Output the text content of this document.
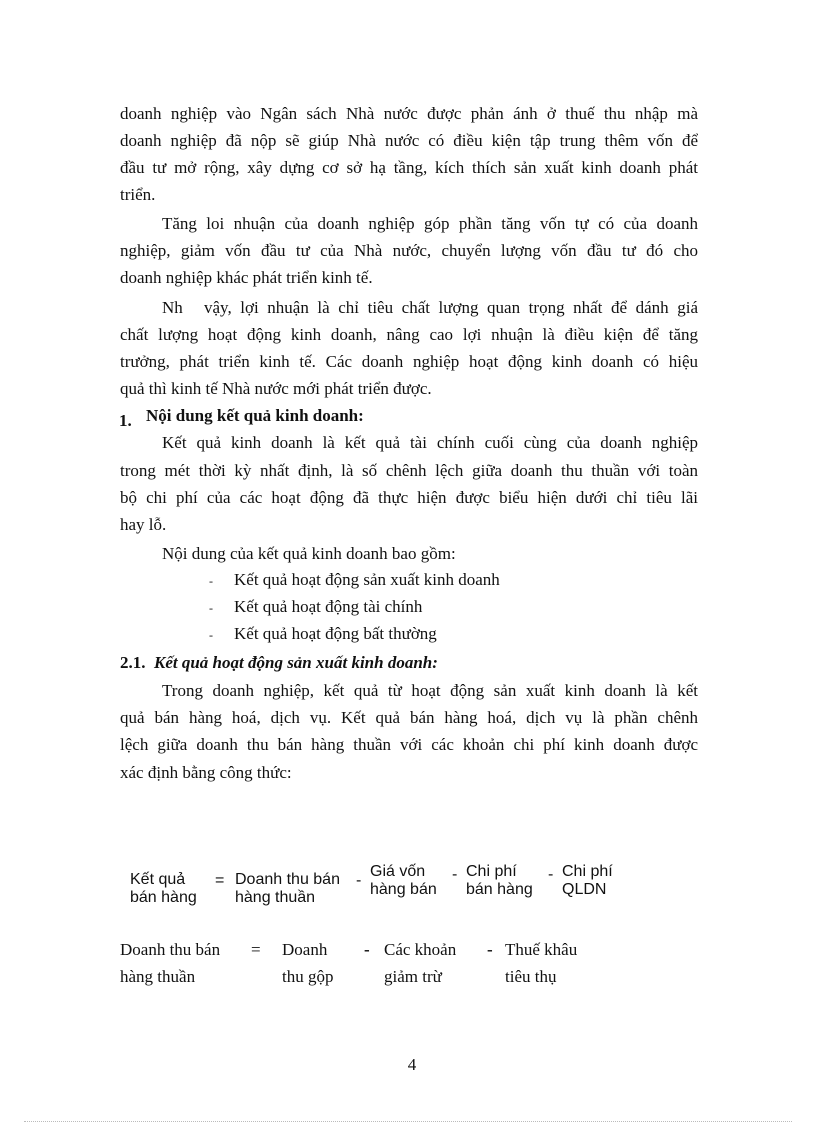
doanh nghiệp vào Ngân sách Nhà nước được phản ánh ở thuế thu nhập mà
doanh nghiệp đã nộp sẽ giúp Nhà nước có điều kiện tập trung thêm vốn để
đầu tư mở rộng, xây dựng cơ sở hạ tầng, kích thích sản xuất kinh doanh phát
triển.
Tăng loi nhuận của doanh nghiệp góp phần tăng vốn tự có của doanh
nghiệp, giảm vốn đầu tư của Nhà nước, chuyển lượng vốn đầu tư đó cho
doanh nghiệp khác phát triển kinh tế.
Nh vậy, lợi nhuận là chỉ tiêu chất lượng quan trọng nhất để dánh giá
chất lượng hoạt động kinh doanh, nâng cao lợi nhuận là điều kiện để tăng
trưởng, phát triển kinh tế. Các doanh nghiệp hoạt động kinh doanh có hiệu
quả thì kinh tế Nhà nước mới phát triển được.
1. Nội dung kết quả kinh doanh:
Kết quả kinh doanh là kết quả tài chính cuối cùng của doanh nghiệp
trong mét thời kỳ nhất định, là số chênh lệch giữa doanh thu thuần với toàn
bộ chi phí của các hoạt động đã thực hiện được biểu hiện dưới chỉ tiêu lãi
hay lỗ.
Nội dung của kết quả kinh doanh bao gồm:
- Kết quả hoạt động sản xuất kinh doanh
- Kết quả hoạt động tài chính
- Kết quả hoạt động bất thường
2.1. Kết quả hoạt động sản xuất kinh doanh:
Trong doanh nghiệp, kết quả từ hoạt động sản xuất kinh doanh là kết
quả bán hàng hoá, dịch vụ. Kết quả bán hàng hoá, dịch vụ là phần chênh
lệch giữa doanh thu bán hàng thuần với các khoản chi phí kinh doanh được
xác định bằng công thức:
Kết quả
bán hàng
= Doanh thu bán
hàng thuần
-
Giá vốn
hàng bán
- Chi phí
bán hàng
- Chi phí
QLDN
Doanh thu bán
hàng thuần
= Doanh
thu gộp
- Các khoản
giảm trừ
- Thuế khâu
tiêu thụ
4
